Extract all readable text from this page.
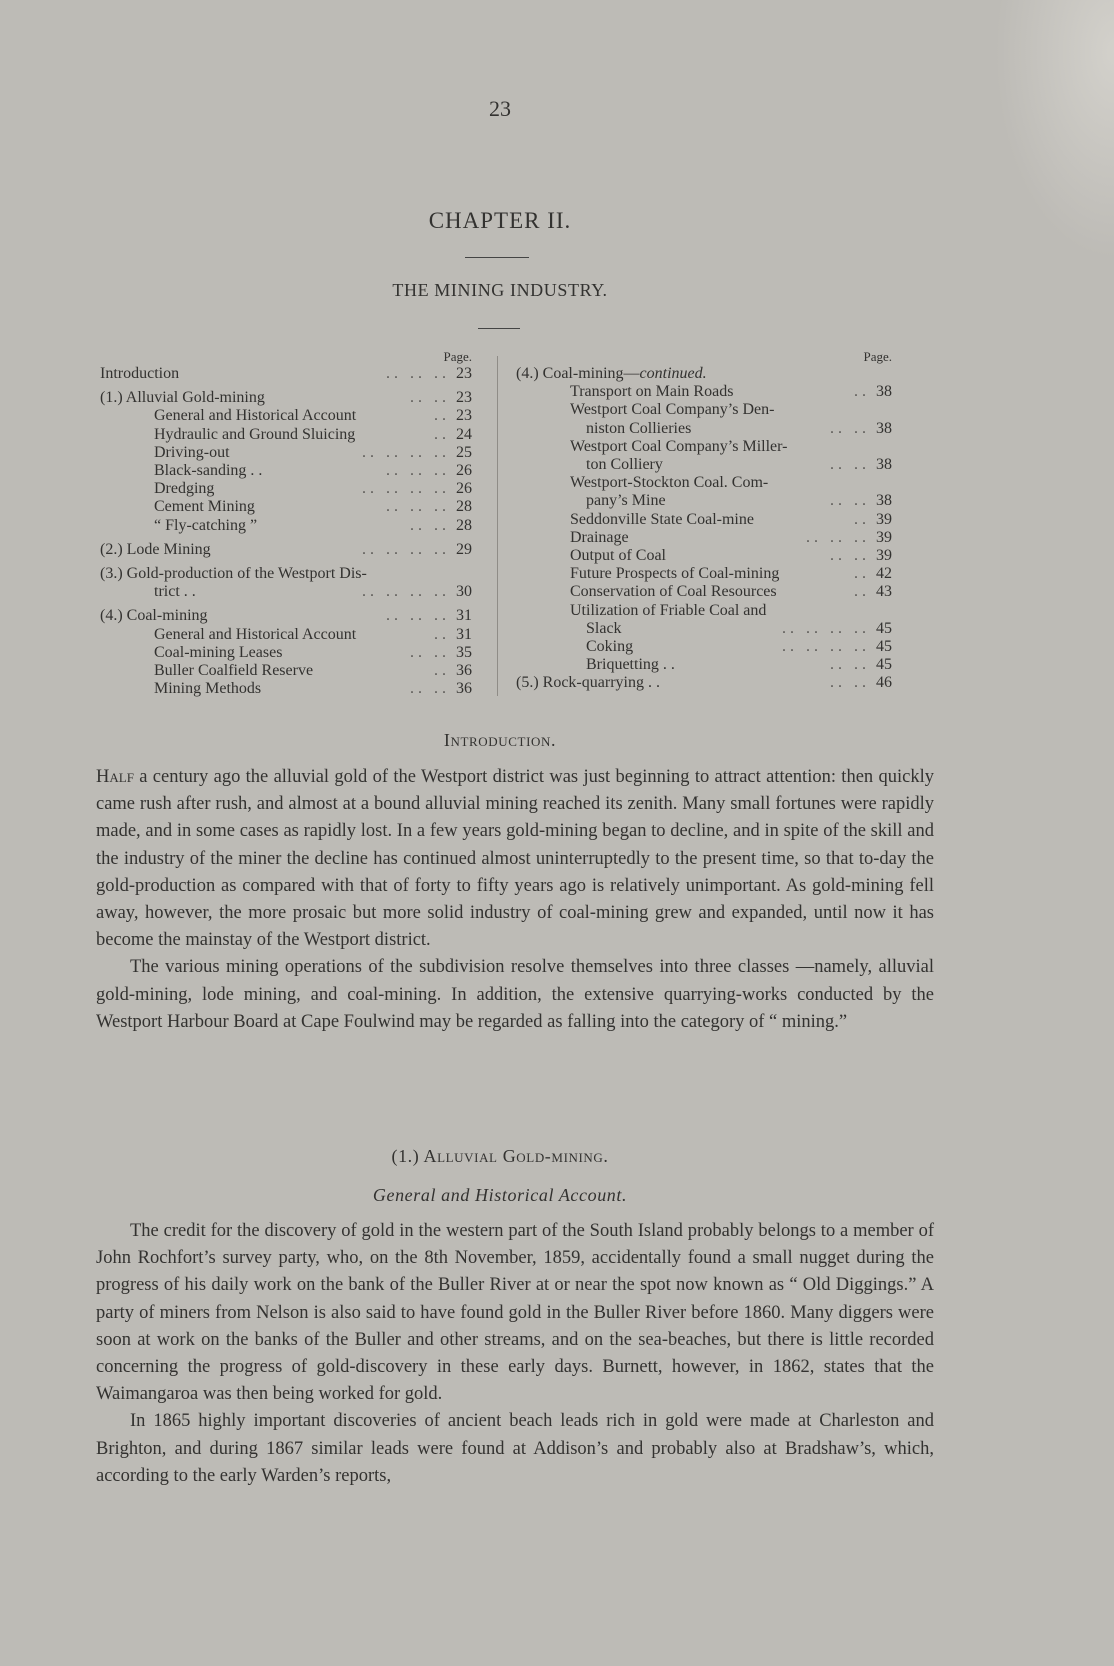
23
CHAPTER II.
THE MINING INDUSTRY.
Page.
Introduction	. .   . .   . . 23
(1.) Alluvial Gold-mining	. .   . . 23
General and Historical Account	. . 23
Hydraulic and Ground Sluicing	. . 24
Driving-out	. .   . .   . .   . . 25
Black-sanding . .	. .   . .   . . 26
Dredging	. .   . .   . .   . . 26
Cement Mining	. .   . .   . . 28
“ Fly-catching ”	. .   . . 28
(2.) Lode Mining	. .   . .   . .   . . 29
(3.) Gold-production of the Westport Dis-
trict . .	. .   . .   . .   . . 30
(4.) Coal-mining	. .   . .   . . 31
General and Historical Account	. . 31
Coal-mining Leases	. .   . . 35
Buller Coalfield Reserve	. . 36
Mining Methods	. .   . . 36
Page.
(4.) Coal-mining—continued.
Transport on Main Roads	. . 38
Westport Coal Company’s Den-
niston Collieries	. .   . . 38
Westport Coal Company’s Miller-
ton Colliery	. .   . . 38
Westport-Stockton Coal. Com-
pany’s Mine	. .   . . 38
Seddonville State Coal-mine	. . 39
Drainage	. .   . .   . . 39
Output of Coal	. .   . . 39
Future Prospects of Coal-mining	. . 42
Conservation of Coal Resources	. . 43
Utilization of Friable Coal and
Slack	. .   . .   . .   . . 45
Coking	. .   . .   . .   . . 45
Briquetting . .	. .   . . 45
(5.) Rock-quarrying . .	. .   . . 46
Introduction.

Half a century ago the alluvial gold of the Westport district was just beginning to attract attention: then quickly came rush after rush, and almost at a bound alluvial mining reached its zenith. Many small fortunes were rapidly made, and in some cases as rapidly lost. In a few years gold-mining began to decline, and in spite of the skill and the industry of the miner the decline has continued almost uninterruptedly to the present time, so that to-day the gold-production as compared with that of forty to fifty years ago is relatively unimportant. As gold-mining fell away, however, the more prosaic but more solid industry of coal-mining grew and expanded, until now it has become the mainstay of the Westport district.

The various mining operations of the subdivision resolve themselves into three classes —namely, alluvial gold-mining, lode mining, and coal-mining. In addition, the extensive quarrying-works conducted by the Westport Harbour Board at Cape Foulwind may be regarded as falling into the category of “ mining.”

(1.) Alluvial Gold-mining.
General and Historical Account.

The credit for the discovery of gold in the western part of the South Island probably belongs to a member of John Rochfort’s survey party, who, on the 8th November, 1859, accidentally found a small nugget during the progress of his daily work on the bank of the Buller River at or near the spot now known as “ Old Diggings.” A party of miners from Nelson is also said to have found gold in the Buller River before 1860. Many diggers were soon at work on the banks of the Buller and other streams, and on the sea-beaches, but there is little recorded concerning the progress of gold-discovery in these early days. Burnett, however, in 1862, states that the Waimangaroa was then being worked for gold.

In 1865 highly important discoveries of ancient beach leads rich in gold were made at Charleston and Brighton, and during 1867 similar leads were found at Addison’s and probably also at Bradshaw’s, which, according to the early Warden’s reports,
